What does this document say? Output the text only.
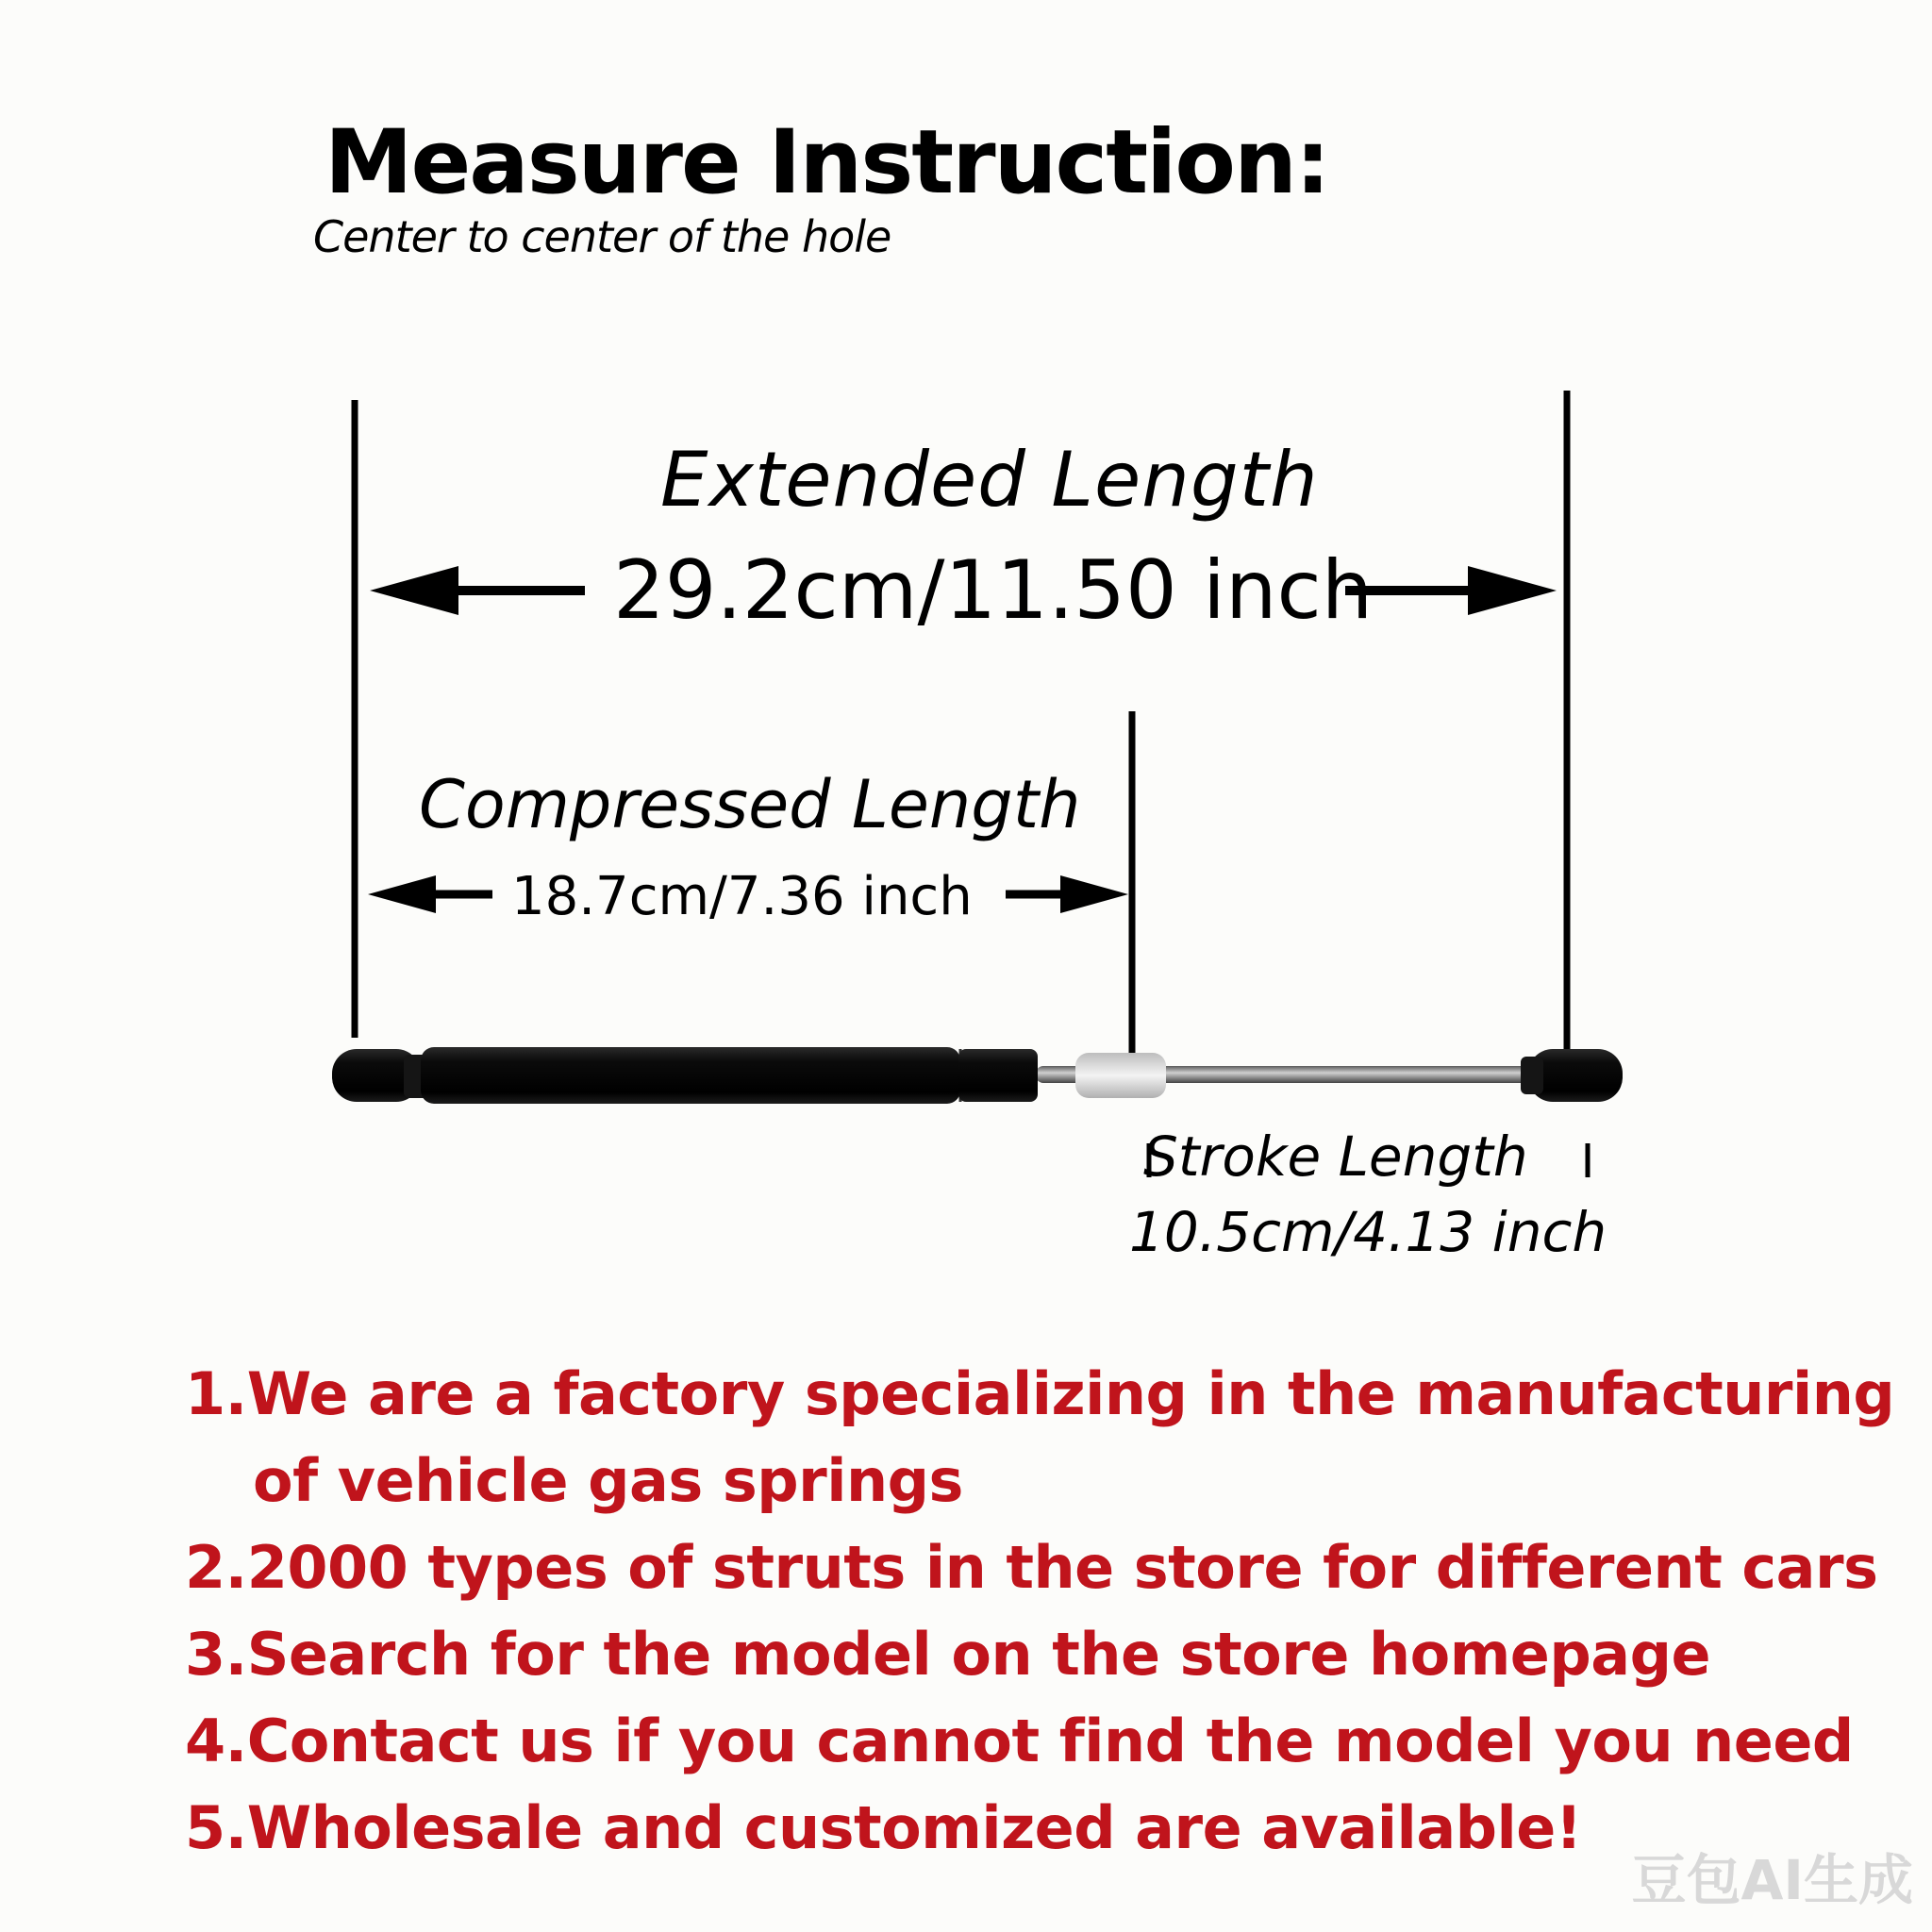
Measure Instruction:
Center to center of the hole
Extended Length
29.2cm/11.50 inch
Compressed Length
18.7cm/7.36 inch
Stroke Length
10.5cm/4.13 inch
1.We are a factory specializing in the manufacturing
of vehicle gas springs
2.2000 types of struts in the store for different cars
3.Search for the model on the store homepage
4.Contact us if you cannot find the model you need
5.Wholesale and customized are available!
豆包AI生成
